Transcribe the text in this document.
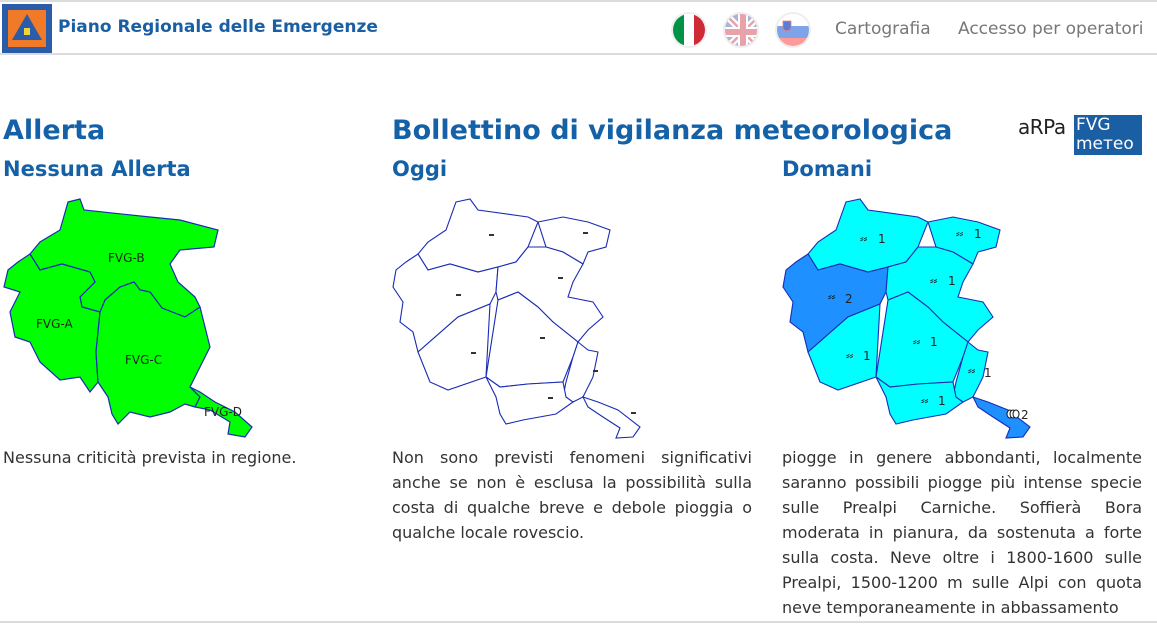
Piano Regionale delle Emergenze	Cartografia Accesso per operatori
Allerta
Nessuna Allerta
FVG-B
FVG-A
FVG-C
FVG-D
Nessuna criticità prevista in regione.
Bollettino di vigilanza meteorologica	aRPa FVG
meтeo
Oggi	Domani
Non sono previsti fenomeni significativi anche se non è esclusa la possibilità sulla costa di qualche breve e debole pioggia o qualche locale rovescio.
⸗⸗	⸗⸗
⸗⸗
⸗⸗
⸗⸗
⸗⸗
⸗⸗
⸗⸗
1	1
2
1
1
1
1
1
2
piogge in genere abbondanti, localmente saranno possibili piogge più intense specie sulle Prealpi Carniche. Soffierà Bora moderata in pianura, da sostenuta a forte sulla costa. Neve oltre i 1800-1600 sulle Prealpi, 1500-1200 m sulle Alpi con quota neve temporaneamente in abbassamento
